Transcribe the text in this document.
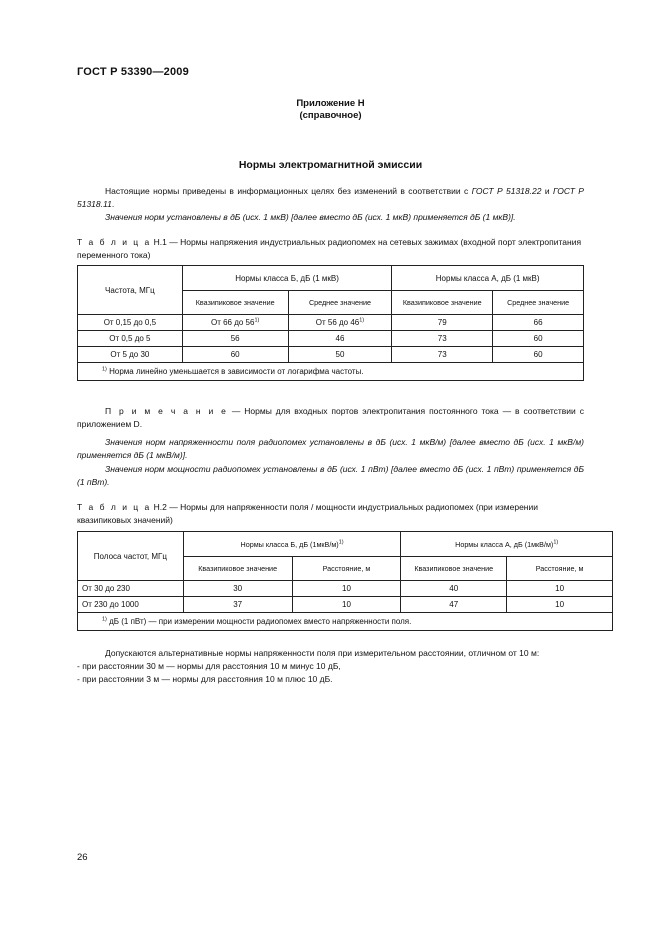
ГОСТ Р 53390—2009
Приложение Н
(справочное)
Нормы электромагнитной эмиссии
Настоящие нормы приведены в информационных целях без изменений в соответствии с ГОСТ Р 51318.22 и ГОСТ Р 51318.11.
Значения норм установлены в дБ (исх. 1 мкВ) [далее вместо дБ (исх. 1 мкВ) применяется дБ (1 мкВ)].
Т а б л и ц а Н.1 — Нормы напряжения индустриальных радиопомех на сетевых зажимах (входной порт электропитания переменного тока)
Частота, МГц	Нормы класса Б, дБ (1 мкВ)		Нормы класса А, дБ (1 мкВ)	
	Квазипиковое значение	Среднее значение	Квазипиковое значение	Среднее значение
От 0,15 до 0,5	От 66 до 56$^{1)}$	От 56 до 46$^{1)}$	79	66
От 0,5 до 5	56	46	73	60
От 5 до 30	60	50	73	60
$^{1)}$ Норма линейно уменьшается в зависимости от логарифма частоты.				
П р и м е ч а н и е — Нормы для входных портов электропитания постоянного тока — в соответствии с приложением D.
Значения норм напряженности поля радиопомех установлены в дБ (исх. 1 мкВ/м) [далее вместо дБ (исх. 1 мкВ/м) применяется дБ (1 мкВ/м)].
Значения норм мощности радиопомех установлены в дБ (исх. 1 пВт) [далее вместо дБ (исх. 1 пВт) применяется дБ (1 пВт).
Т а б л и ц а Н.2 — Нормы для напряженности поля / мощности индустриальных радиопомех (при измерении квазипиковых значений)
Полоса частот, МГц	Нормы класса Б, дБ $(1мкВ/м)^{1)}$		Нормы класса А, дБ $(1мкВ/м)^{1)}$
	Квазипиковое значение	Расстояние, м	Квазипиковое значение	Расстояние, м
От 30 до 230	30	10	40	10
От 230 до 1000	37	10	47	10
$^{1)}$ дБ (1 пВт) — при измерении мощности радиопомех вместо напряженности поля.				
Допускаются альтернативные нормы напряженности поля при измерительном расстоянии, отличном от 10 м:
- при расстоянии 30 м — нормы для расстояния 10 м минус 10 дБ,
- при расстоянии 3 м — нормы для расстояния 10 м плюс 10 дБ.
26
